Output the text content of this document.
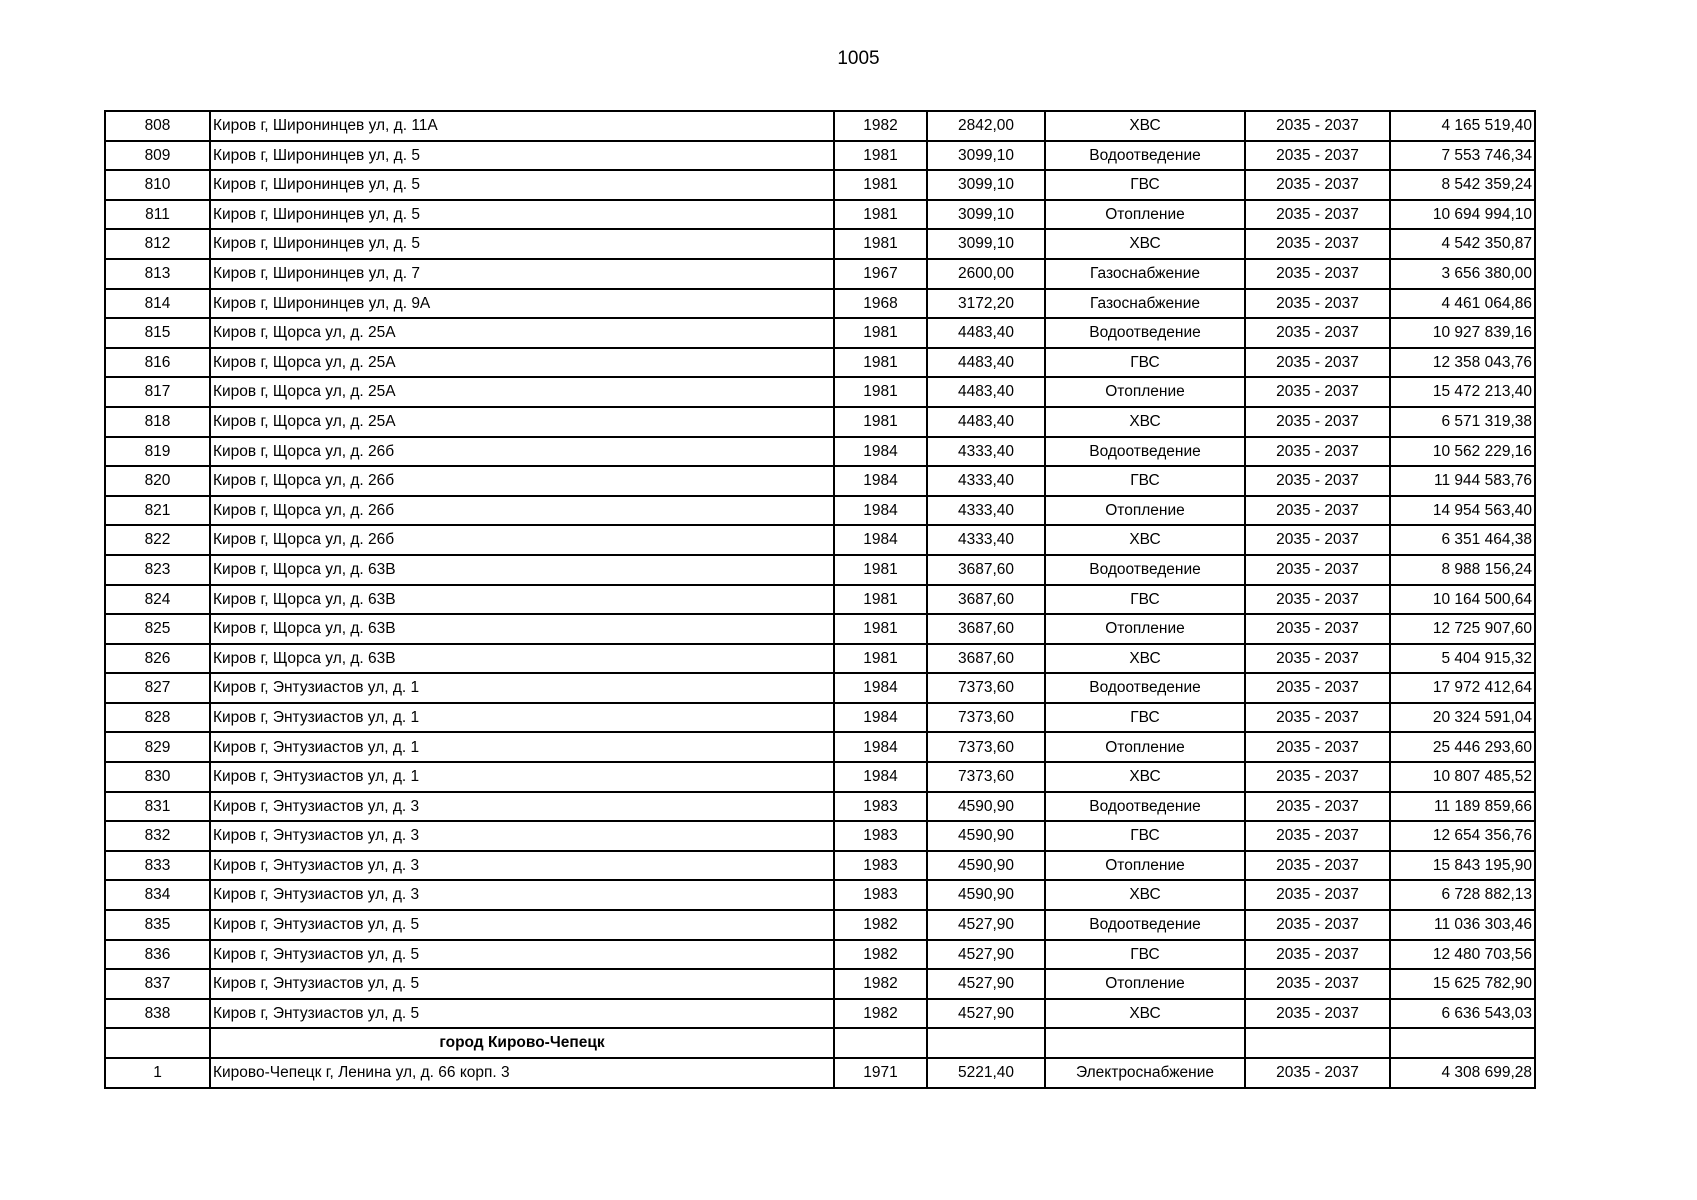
1005
808	Киров г, Широнинцев ул, д. 11А	1982	2842,00	ХВС	2035 - 2037	4 165 519,40
809	Киров г, Широнинцев ул, д. 5	1981	3099,10	Водоотведение	2035 - 2037	7 553 746,34
810	Киров г, Широнинцев ул, д. 5	1981	3099,10	ГВС	2035 - 2037	8 542 359,24
811	Киров г, Широнинцев ул, д. 5	1981	3099,10	Отопление	2035 - 2037	10 694 994,10
812	Киров г, Широнинцев ул, д. 5	1981	3099,10	ХВС	2035 - 2037	4 542 350,87
813	Киров г, Широнинцев ул, д. 7	1967	2600,00	Газоснабжение	2035 - 2037	3 656 380,00
814	Киров г, Широнинцев ул, д. 9А	1968	3172,20	Газоснабжение	2035 - 2037	4 461 064,86
815	Киров г, Щорса ул, д. 25А	1981	4483,40	Водоотведение	2035 - 2037	10 927 839,16
816	Киров г, Щорса ул, д. 25А	1981	4483,40	ГВС	2035 - 2037	12 358 043,76
817	Киров г, Щорса ул, д. 25А	1981	4483,40	Отопление	2035 - 2037	15 472 213,40
818	Киров г, Щорса ул, д. 25А	1981	4483,40	ХВС	2035 - 2037	6 571 319,38
819	Киров г, Щорса ул, д. 26б	1984	4333,40	Водоотведение	2035 - 2037	10 562 229,16
820	Киров г, Щорса ул, д. 26б	1984	4333,40	ГВС	2035 - 2037	11 944 583,76
821	Киров г, Щорса ул, д. 26б	1984	4333,40	Отопление	2035 - 2037	14 954 563,40
822	Киров г, Щорса ул, д. 26б	1984	4333,40	ХВС	2035 - 2037	6 351 464,38
823	Киров г, Щорса ул, д. 63В	1981	3687,60	Водоотведение	2035 - 2037	8 988 156,24
824	Киров г, Щорса ул, д. 63В	1981	3687,60	ГВС	2035 - 2037	10 164 500,64
825	Киров г, Щорса ул, д. 63В	1981	3687,60	Отопление	2035 - 2037	12 725 907,60
826	Киров г, Щорса ул, д. 63В	1981	3687,60	ХВС	2035 - 2037	5 404 915,32
827	Киров г, Энтузиастов ул, д. 1	1984	7373,60	Водоотведение	2035 - 2037	17 972 412,64
828	Киров г, Энтузиастов ул, д. 1	1984	7373,60	ГВС	2035 - 2037	20 324 591,04
829	Киров г, Энтузиастов ул, д. 1	1984	7373,60	Отопление	2035 - 2037	25 446 293,60
830	Киров г, Энтузиастов ул, д. 1	1984	7373,60	ХВС	2035 - 2037	10 807 485,52
831	Киров г, Энтузиастов ул, д. 3	1983	4590,90	Водоотведение	2035 - 2037	11 189 859,66
832	Киров г, Энтузиастов ул, д. 3	1983	4590,90	ГВС	2035 - 2037	12 654 356,76
833	Киров г, Энтузиастов ул, д. 3	1983	4590,90	Отопление	2035 - 2037	15 843 195,90
834	Киров г, Энтузиастов ул, д. 3	1983	4590,90	ХВС	2035 - 2037	6 728 882,13
835	Киров г, Энтузиастов ул, д. 5	1982	4527,90	Водоотведение	2035 - 2037	11 036 303,46
836	Киров г, Энтузиастов ул, д. 5	1982	4527,90	ГВС	2035 - 2037	12 480 703,56
837	Киров г, Энтузиастов ул, д. 5	1982	4527,90	Отопление	2035 - 2037	15 625 782,90
838	Киров г, Энтузиастов ул, д. 5	1982	4527,90	ХВС	2035 - 2037	6 636 543,03
	город Кирово-Чепецк					
1	Кирово-Чепецк г, Ленина ул, д. 66 корп. 3	1971	5221,40	Электроснабжение	2035 - 2037	4 308 699,28
